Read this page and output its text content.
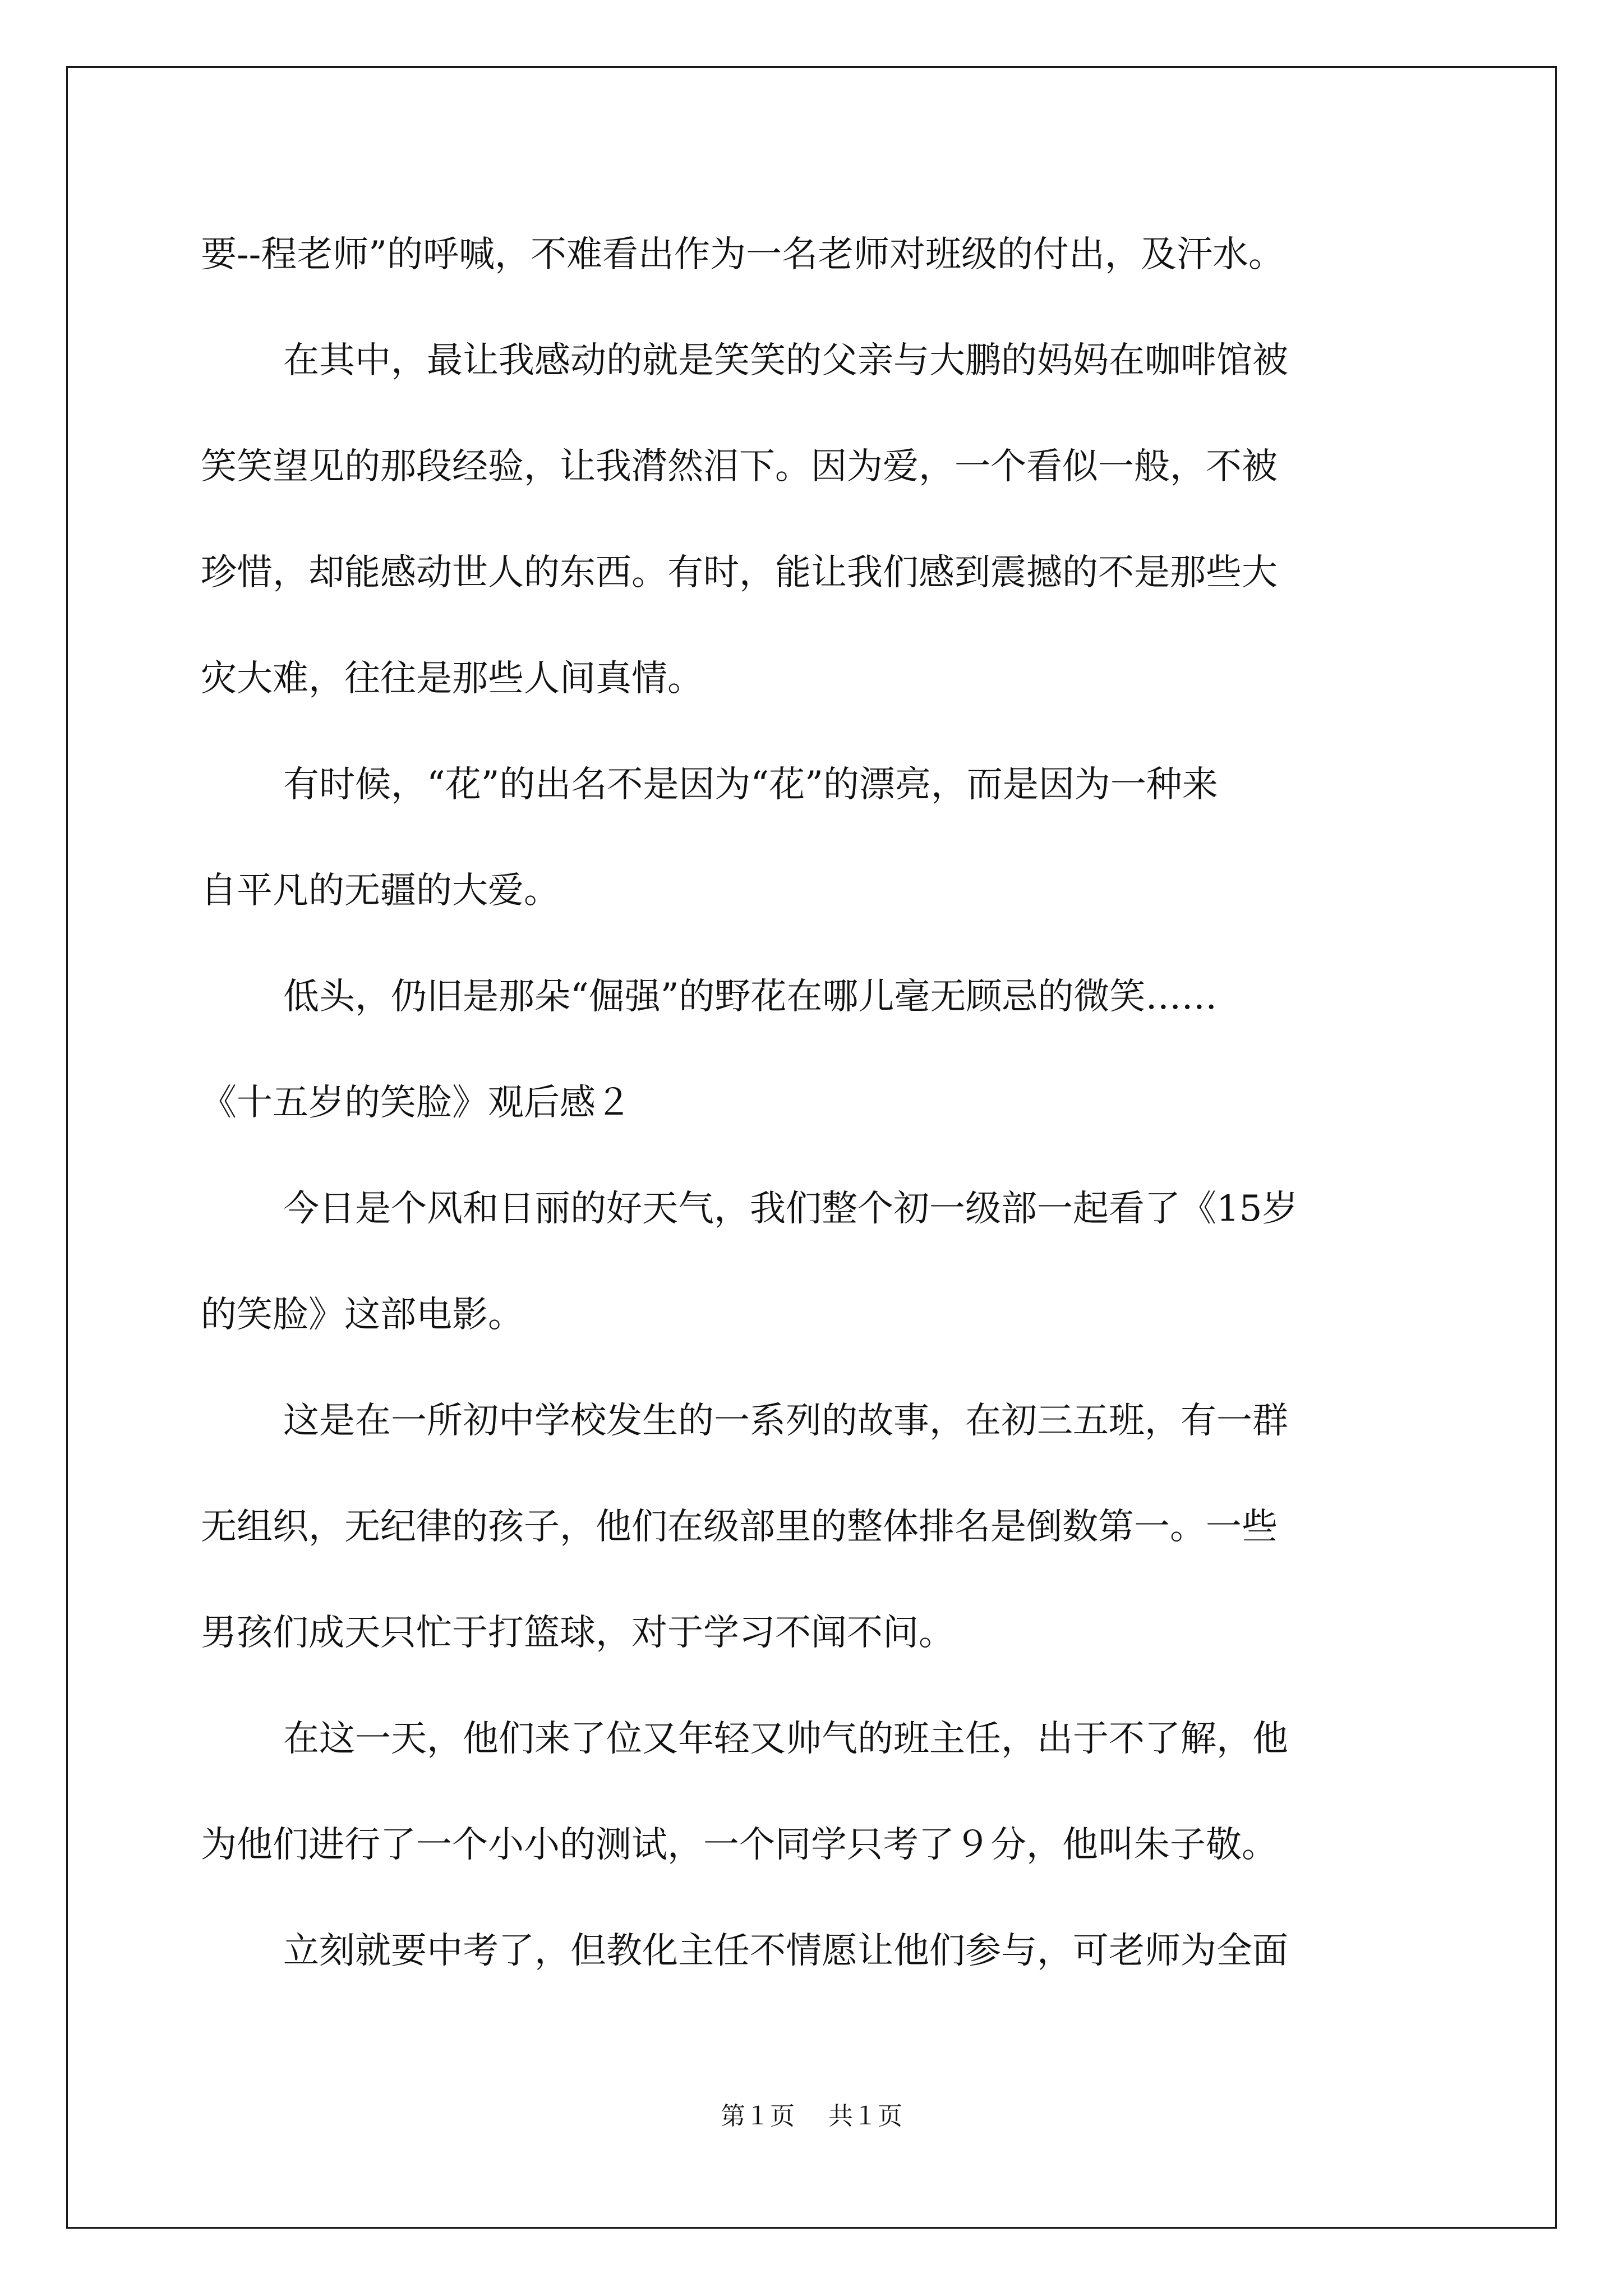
要--程老师”的呼喊，不难看出作为一名老师对班级的付出，及汗水。

在其中，最让我感动的就是笑笑的父亲与大鹏的妈妈在咖啡馆被

笑笑望见的那段经验，让我潸然泪下。因为爱，一个看似一般，不被

珍惜，却能感动世人的东西。有时，能让我们感到震撼的不是那些大

灾大难，往往是那些人间真情。

有时候，“花”的出名不是因为“花”的漂亮，而是因为一种来

自平凡的无疆的大爱。

低头，仍旧是那朵“倔强”的野花在哪儿毫无顾忌的微笑……

《十五岁的笑脸》观后感２

今日是个风和日丽的好天气，我们整个初一级部一起看了《15岁

的笑脸》这部电影。

这是在一所初中学校发生的一系列的故事，在初三五班，有一群

无组织，无纪律的孩子，他们在级部里的整体排名是倒数第一。一些

男孩们成天只忙于打篮球，对于学习不闻不问。

在这一天，他们来了位又年轻又帅气的班主任，出于不了解，他

为他们进行了一个小小的测试，一个同学只考了９分，他叫朱子敬。

立刻就要中考了，但教化主任不情愿让他们参与，可老师为全面

第１页 共１页
